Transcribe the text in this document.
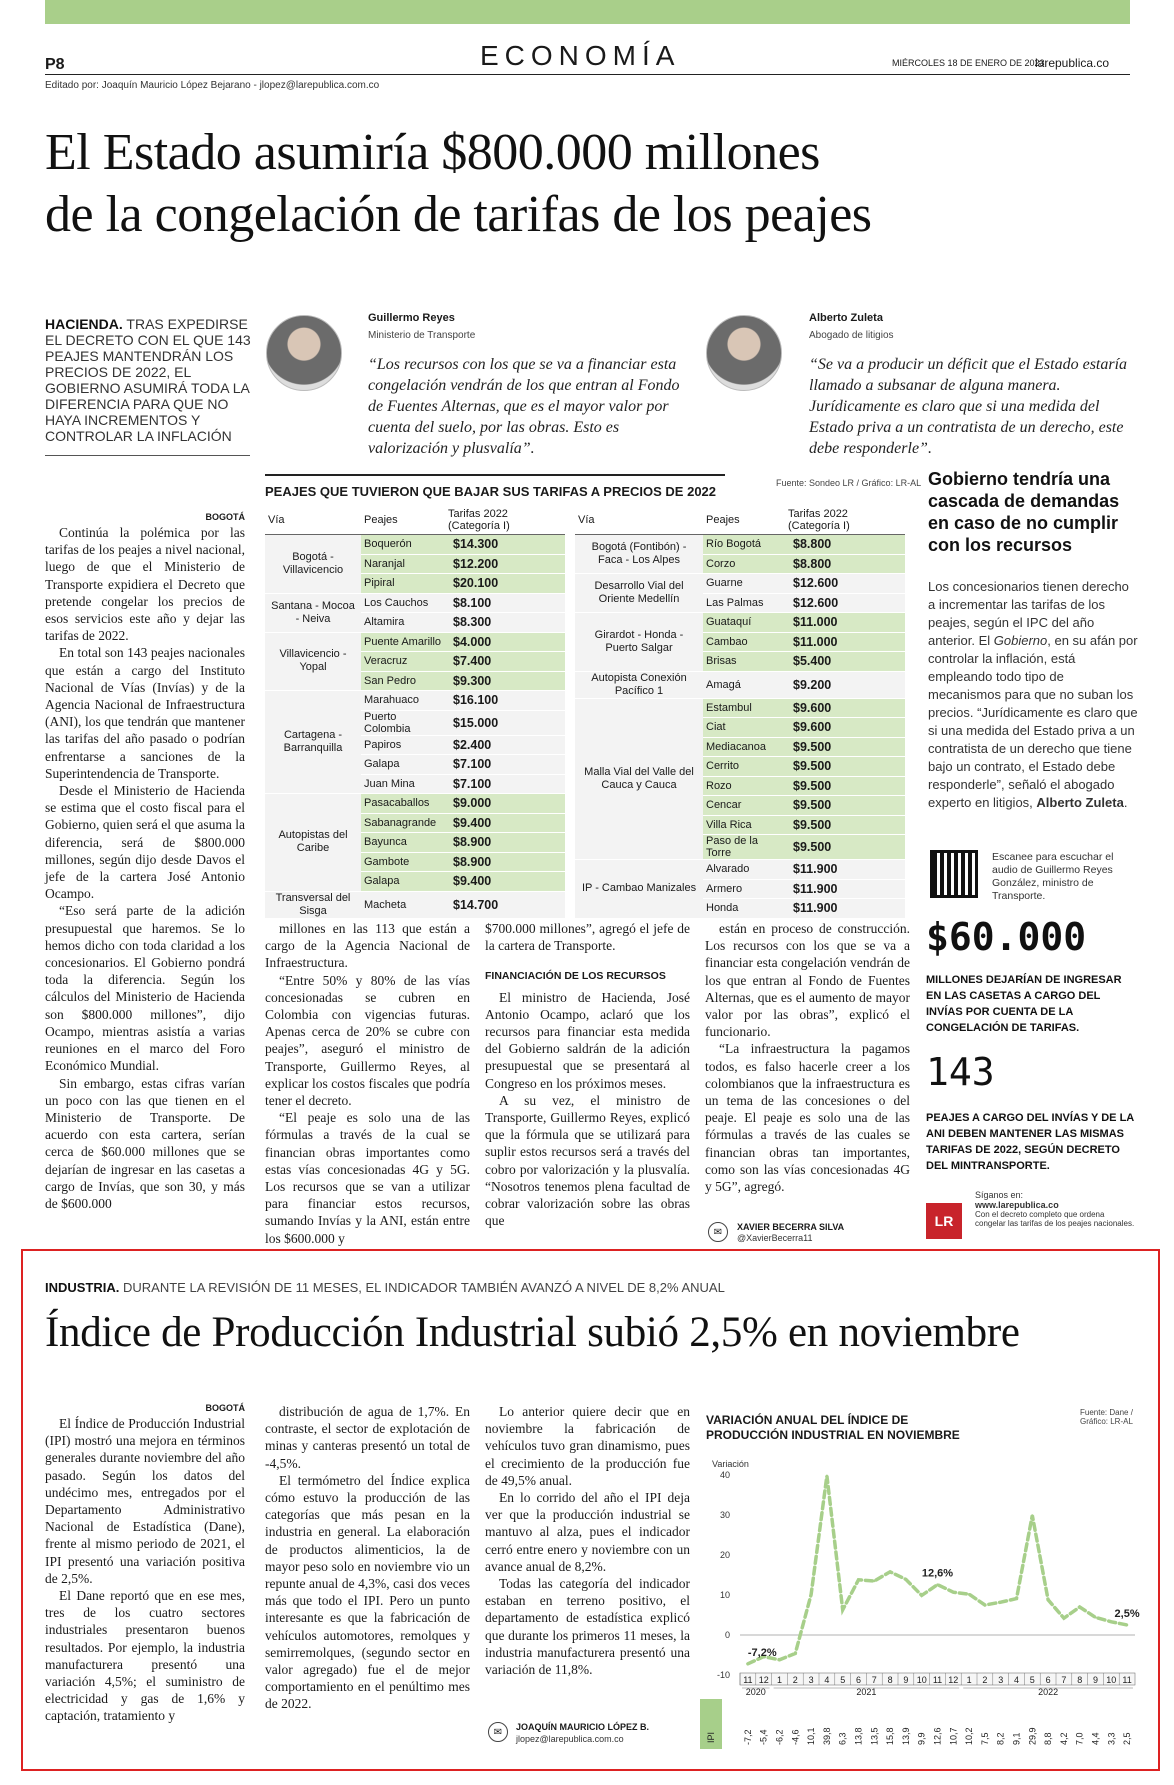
P8	ECONOMÍA	MIÉRCOLES 18 DE ENERO DE 2023
larepublica.co
Editado por: Joaquín Mauricio López Bejarano - jlopez@larepublica.com.co
El Estado asumiría $800.000 millones
de la congelación de tarifas de los peajes
HACIENDA. TRAS EXPEDIRSE EL DECRETO CON EL QUE 143 PEAJES MANTENDRÁN LOS PRECIOS DE 2022, EL GOBIERNO ASUMIRÁ TODA LA DIFERENCIA PARA QUE NO HAYA INCREMENTOS Y CONTROLAR LA INFLACIÓN
Guillermo Reyes
Ministerio de Transporte
“Los recursos con los que se va a financiar esta congelación vendrán de los que entran al Fondo de Fuentes Alternas, que es el mayor valor por cuenta del suelo, por las obras. Esto es valorización y plusvalía”.
Alberto Zuleta
Abogado de litigios
“Se va a producir un déficit que el Estado estaría llamado a subsanar de alguna manera. Jurídicamente es claro que si una medida del Estado priva a un contratista de un derecho, este debe responderle”.
BOGOTÁ

Continúa la polémica por las tarifas de los peajes a nivel nacional, luego de que el Ministerio de Transporte expidiera el Decreto que pretende congelar los precios de esos servicios este año y dejar las tarifas de 2022.

En total son 143 peajes nacionales que están a cargo del Instituto Nacional de Vías (Invías) y de la Agencia Nacional de Infraestructura (ANI), los que tendrán que mantener las tarifas del año pasado o podrían enfrentarse a sanciones de la Superintendencia de Transporte.

Desde el Ministerio de Hacienda se estima que el costo fiscal para el Gobierno, quien será el que asuma la diferencia, será de $800.000 millones, según dijo desde Davos el jefe de la cartera José Antonio Ocampo.

“Eso será parte de la adición presupuestal que haremos. Se lo hemos dicho con toda claridad a los concesionarios. El Gobierno pondrá toda la diferencia. Según los cálculos del Ministerio de Hacienda son $800.000 millones”, dijo Ocampo, mientras asistía a varias reuniones en el marco del Foro Económico Mundial.

Sin embargo, estas cifras varían un poco con las que tienen en el Ministerio de Transporte. De acuerdo con esta cartera, serían cerca de $60.000 millones que se dejarían de ingresar en las casetas a cargo de Invías, que son 30, y más de $600.000

PEAJES QUE TUVIERON QUE BAJAR SUS TARIFAS A PRECIOS DE 2022
Fuente: Sondeo LR / Gráfico: LR-AL
Vía	Peajes	Tarifas 2022 (Categoría I)
Bogotá - Villavicencio	Boquerón	$14.300
	Naranjal	$12.200
	Pipiral	$20.100
Santana - Mocoa - Neiva	Los Cauchos	$8.100
	Altamira	$8.300
Villavicencio -Yopal	Puente Amarillo	$4.000
	Veracruz	$7.400
	San Pedro	$9.300
Cartagena - Barranquilla	Marahuaco	$16.100
	Puerto Colombia	$15.000
	Papiros	$2.400
	Galapa	$7.100
	Juan Mina	$7.100
Autopistas del Caribe	Pasacaballos	$9.000
	Sabanagrande	$9.400
	Bayunca	$8.900
	Gambote	$8.900
	Galapa	$9.400
Transversal del Sisga	Macheta	$14.700
Vía	Peajes	Tarifas 2022 (Categoría I)
Bogotá (Fontibón) - Faca - Los Alpes	Río Bogotá	$8.800
	Corzo	$8.800
Desarrollo Vial del Oriente Medellín	Guarne	$12.600
	Las Palmas	$12.600
Girardot - Honda - Puerto Salgar	Guataquí	$11.000
	Cambao	$11.000
	Brisas	$5.400
Autopista Conexión Pacífico 1	Amagá	$9.200
Malla Vial del Valle del Cauca y Cauca	Estambul	$9.600
	Ciat	$9.600
	Mediacanoa	$9.500
	Cerrito	$9.500
	Rozo	$9.500
	Cencar	$9.500
	Villa Rica	$9.500
	Paso de la Torre	$9.500
IP - Cambao Manizales	Alvarado	$11.900
	Armero	$11.900
	Honda	$11.900

millones en las 113 que están a cargo de la Agencia Nacional de Infraestructura.

“Entre 50% y 80% de las vías concesionadas se cubren en Colombia con vigencias futuras. Apenas cerca de 20% se cubre con peajes”, aseguró el ministro de Transporte, Guillermo Reyes, al explicar los costos fiscales que podría tener el decreto.

“El peaje es solo una de las fórmulas a través de la cual se financian obras importantes como estas vías concesionadas 4G y 5G. Los recursos que se van a utilizar para financiar estos recursos, sumando Invías y la ANI, están entre los $600.000 y

$700.000 millones”, agregó el jefe de la cartera de Transporte.

FINANCIACIÓN DE LOS RECURSOS

El ministro de Hacienda, José Antonio Ocampo, aclaró que los recursos para financiar esta medida del Gobierno saldrán de la adición presupuestal que se presentará al Congreso en los próximos meses.

A su vez, el ministro de Transporte, Guillermo Reyes, explicó que la fórmula que se utilizará para suplir estos recursos será a través del cobro por valorización y la plusvalía. “Nosotros tenemos plena facultad de cobrar valorización sobre las obras que

están en proceso de construcción. Los recursos con los que se va a financiar esta congelación vendrán de los que entran al Fondo de Fuentes Alternas, que es el aumento de mayor valor por las obras”, explicó el funcionario.

“La infraestructura la pagamos todos, es falso hacerle creer a los colombianos que la infraestructura es un tema de las concesiones o del peaje. El peaje es solo una de las fórmulas a través de las cuales se financian obras tan importantes, como son las vías concesionadas 4G y 5G”, agregó.

✉	XAVIER BECERRA SILVA
@XavierBecerra11
Gobierno tendría una cascada de demandas en caso de no cumplir con los recursos
Los concesionarios tienen derecho a incrementar las tarifas de los peajes, según el IPC del año anterior. El Gobierno, en su afán por controlar la inflación, está empleando todo tipo de mecanismos para que no suban los precios. “Jurídicamente es claro que si una medida del Estado priva a un contratista de un derecho que tiene bajo un contrato, el Estado debe responderle”, señaló el abogado experto en litigios, Alberto Zuleta.
Escanee para escuchar el audio de Guillermo Reyes González, ministro de Transporte.
$60.000
MILLONES DEJARÍAN DE INGRESAR EN LAS CASETAS A CARGO DEL INVÍAS POR CUENTA DE LA CONGELACIÓN DE TARIFAS.
143
PEAJES A CARGO DEL INVÍAS Y DE LA ANI DEBEN MANTENER LAS MISMAS TARIFAS DE 2022, SEGÚN DECRETO DEL MINTRANSPORTE.
LR
Síganos en:
www.larepublica.co
Con el decreto completo que ordena congelar las tarifas de los peajes nacionales.
INDUSTRIA. DURANTE LA REVISIÓN DE 11 MESES, EL INDICADOR TAMBIÉN AVANZÓ A NIVEL DE 8,2% ANUAL
Índice de Producción Industrial subió 2,5% en noviembre
BOGOTÁ

El Índice de Producción Industrial (IPI) mostró una mejora en términos generales durante noviembre del año pasado. Según los datos del undécimo mes, entregados por el Departamento Administrativo Nacional de Estadística (Dane), frente al mismo periodo de 2021, el IPI presentó una variación positiva de 2,5%.

El Dane reportó que en ese mes, tres de los cuatro sectores industriales presentaron buenos resultados. Por ejemplo, la industria manufacturera presentó una variación 4,5%; el suministro de electricidad y gas de 1,6% y captación, tratamiento y

distribución de agua de 1,7%. En contraste, el sector de explotación de minas y canteras presentó un total de -4,5%.

El termómetro del Índice explica cómo estuvo la producción de las categorías que más pesan en la industria en general. La elaboración de productos alimenticios, la de mayor peso solo en noviembre vio un repunte anual de 4,3%, casi dos veces más que todo el IPI. Pero un punto interesante es que la fabricación de vehículos automotores, remolques y semirremolques, (segundo sector en valor agregado) fue el de mejor comportamiento en el penúltimo mes de 2022.

Lo anterior quiere decir que en noviembre la fabricación de vehículos tuvo gran dinamismo, pues el crecimiento de la producción fue de 49,5% anual.

En lo corrido del año el IPI deja ver que la producción industrial se mantuvo al alza, pues el indicador cerró entre enero y noviembre con un avance anual de 8,2%.

Todas las categoría del indicador estaban en terreno positivo, el departamento de estadística explicó que durante los primeros 11 meses, la industria manufacturera presentó una variación de 11,8%.

✉	JOAQUÍN MAURICIO LÓPEZ B.
jlopez@larepublica.com.co
VARIACIÓN ANUAL DEL ÍNDICE DE PRODUCCIÓN INDUSTRIAL EN NOVIEMBRE
Fuente: Dane / Gráfico: LR-AL
Variación
40
30
20
10
0
-10
-7,2%
12,6%
2,5%
11 12 1 2 3 4 5 6 7 8 9 10 11 12 1 2 3 4 5 6 7 8 9 10 11
2020	2021	2022
IPI	-7,2 -5,4 -6,2 -4,6 10,1 39,8 6,3 13,8 13,5 15,8 13,9 9,9 12,6 10,7 10,2 7,5 8,2 9,1 29,9 8,8 4,2 7,0 4,4 3,3 2,5
